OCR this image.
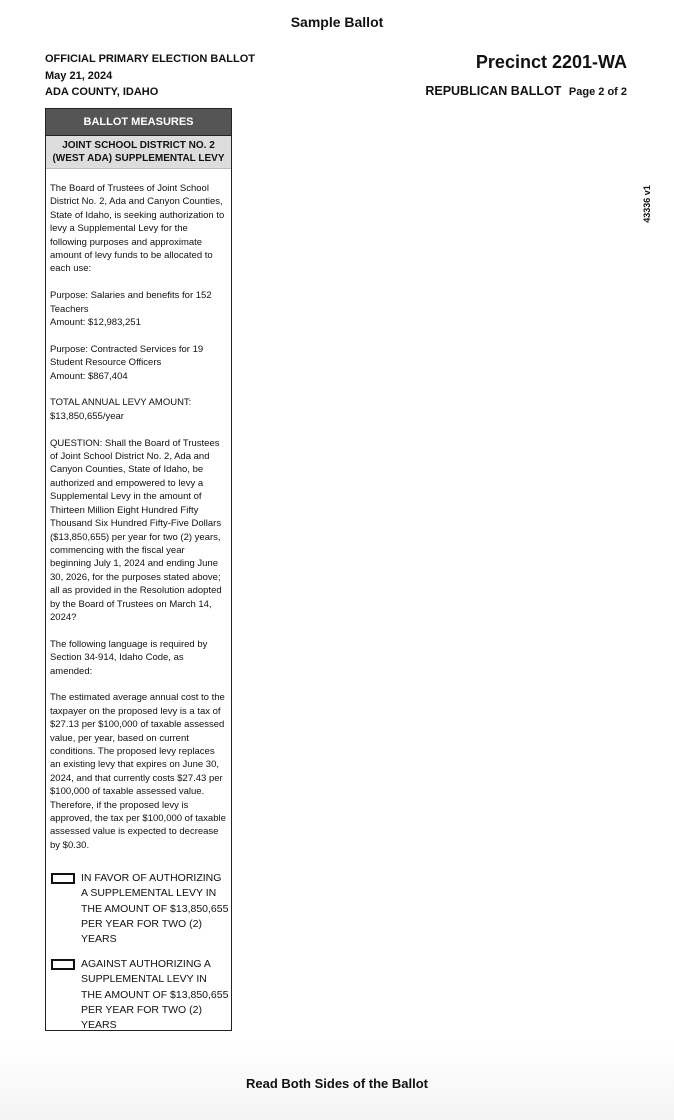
Sample Ballot
OFFICIAL PRIMARY ELECTION BALLOT
May 21, 2024
ADA COUNTY, IDAHO
Precinct 2201-WA
REPUBLICAN BALLOT Page 2 of 2
43336 v1
BALLOT MEASURES
JOINT SCHOOL DISTRICT NO. 2
(WEST ADA) SUPPLEMENTAL LEVY

The Board of Trustees of Joint School District No. 2, Ada and Canyon Counties, State of Idaho, is seeking authorization to levy a Supplemental Levy for the following purposes and approximate amount of levy funds to be allocated to each use:

Purpose: Salaries and benefits for 152 Teachers
Amount: $12,983,251

Purpose: Contracted Services for 19 Student Resource Officers
Amount: $867,404

TOTAL ANNUAL LEVY AMOUNT: $13,850,655/year

QUESTION: Shall the Board of Trustees of Joint School District No. 2, Ada and Canyon Counties, State of Idaho, be authorized and empowered to levy a Supplemental Levy in the amount of Thirteen Million Eight Hundred Fifty Thousand Six Hundred Fifty-Five Dollars ($13,850,655) per year for two (2) years, commencing with the fiscal year beginning July 1, 2024 and ending June 30, 2026, for the purposes stated above; all as provided in the Resolution adopted by the Board of Trustees on March 14, 2024?

The following language is required by Section 34-914, Idaho Code, as amended:

The estimated average annual cost to the taxpayer on the proposed levy is a tax of $27.13 per $100,000 of taxable assessed value, per year, based on current conditions. The proposed levy replaces an existing levy that expires on June 30, 2024, and that currently costs $27.43 per $100,000 of taxable assessed value. Therefore, if the proposed levy is approved, the tax per $100,000 of taxable assessed value is expected to decrease by $0.30.

IN FAVOR OF AUTHORIZING A SUPPLEMENTAL LEVY IN THE AMOUNT OF $13,850,655 PER YEAR FOR TWO (2) YEARS
AGAINST AUTHORIZING A SUPPLEMENTAL LEVY IN THE AMOUNT OF $13,850,655 PER YEAR FOR TWO (2) YEARS
Read Both Sides of the Ballot
